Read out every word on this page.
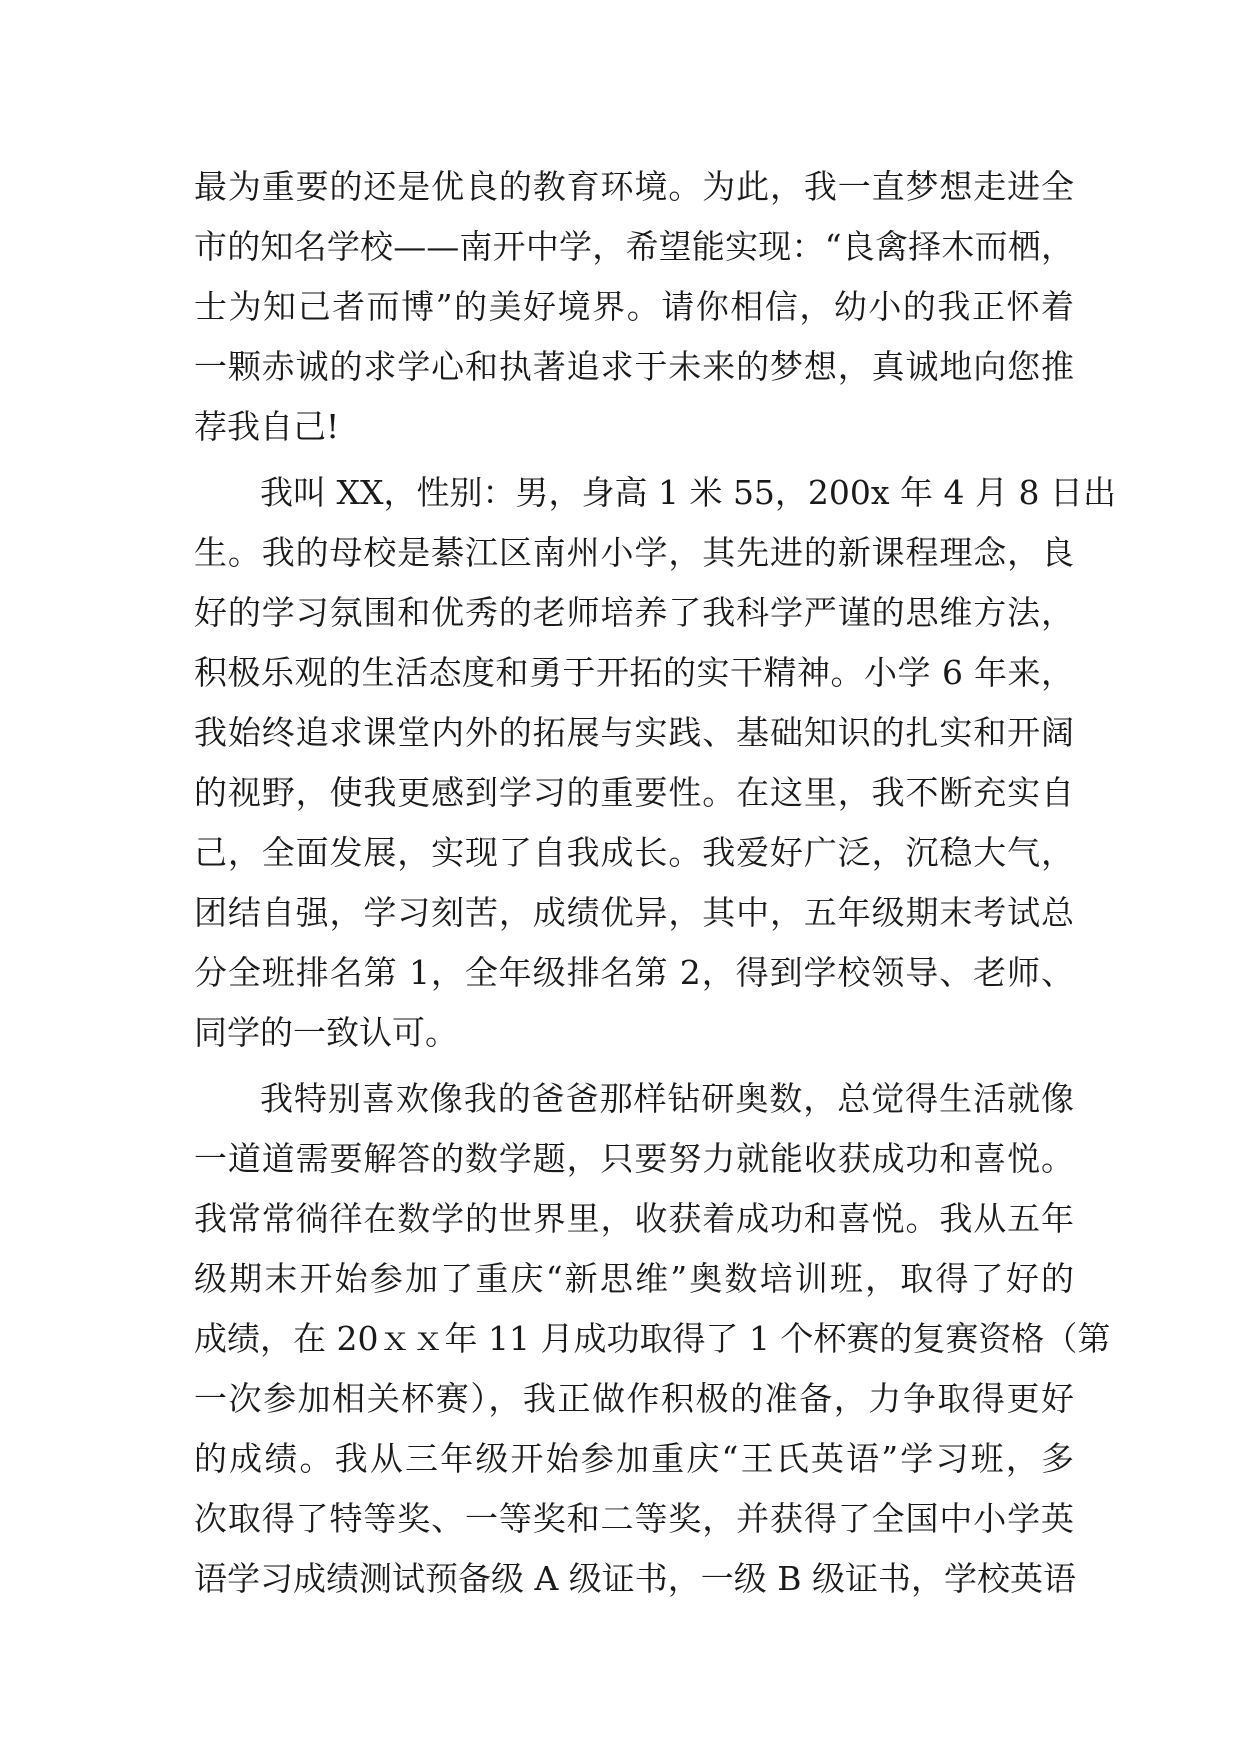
最为重要的还是优良的教育环境。为此，我一直梦想走进全
市的知名学校——南开中学，希望能实现：“良禽择木而栖，
士为知己者而博”的美好境界。请你相信，幼小的我正怀着
一颗赤诚的求学心和执著追求于未来的梦想，真诚地向您推
荐我自己!
我叫 XX，性别：男，身高 1 米 55，200x 年 4 月 8 日出
生。我的母校是綦江区南州小学，其先进的新课程理念，良
好的学习氛围和优秀的老师培养了我科学严谨的思维方法，
积极乐观的生活态度和勇于开拓的实干精神。小学 6 年来，
我始终追求课堂内外的拓展与实践、基础知识的扎实和开阔
的视野，使我更感到学习的重要性。在这里，我不断充实自
己，全面发展，实现了自我成长。我爱好广泛，沉稳大气，
团结自强，学习刻苦，成绩优异，其中，五年级期末考试总
分全班排名第 1，全年级排名第 2，得到学校领导、老师、
同学的一致认可。
我特别喜欢像我的爸爸那样钻研奥数，总觉得生活就像
一道道需要解答的数学题，只要努力就能收获成功和喜悦。
我常常徜徉在数学的世界里，收获着成功和喜悦。我从五年
级期末开始参加了重庆“新思维”奥数培训班，取得了好的
成绩，在 20ｘｘ年 11 月成功取得了 1 个杯赛的复赛资格（第
一次参加相关杯赛），我正做作积极的准备，力争取得更好
的成绩。我从三年级开始参加重庆“王氏英语”学习班，多
次取得了特等奖、一等奖和二等奖，并获得了全国中小学英
语学习成绩测试预备级 A 级证书，一级 B 级证书，学校英语
